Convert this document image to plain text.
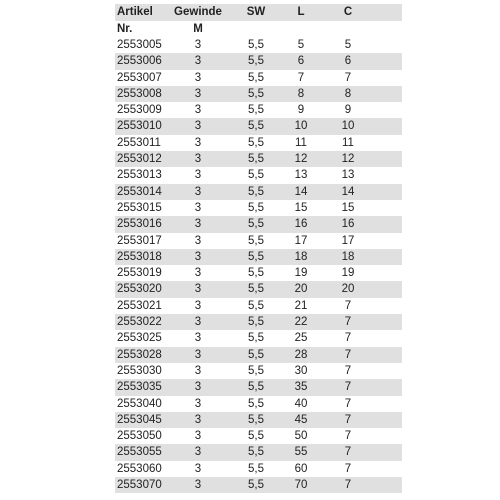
Artikel Gewinde	SW	L	C
Nr.	M
2553005	3	5,5	5	5
2553006	3	5,5	6	6
2553007	3	5,5	7	7
2553008	3	5,5	8	8
2553009	3	5,5	9	9
2553010	3	5,5	10	10
2553011	3	5,5	11	11
2553012	3	5,5	12	12
2553013	3	5,5	13	13
2553014	3	5,5	14	14
2553015	3	5,5	15	15
2553016	3	5,5	16	16
2553017	3	5,5	17	17
2553018	3	5,5	18	18
2553019	3	5,5	19	19
2553020	3	5,5	20	20
2553021	3	5,5	21	7
2553022	3	5,5	22	7
2553025	3	5,5	25	7
2553028	3	5,5	28	7
2553030	3	5,5	30	7
2553035	3	5,5	35	7
2553040	3	5,5	40	7
2553045	3	5,5	45	7
2553050	3	5,5	50	7
2553055	3	5,5	55	7
2553060	3	5,5	60	7
2553070	3	5,5	70	7
